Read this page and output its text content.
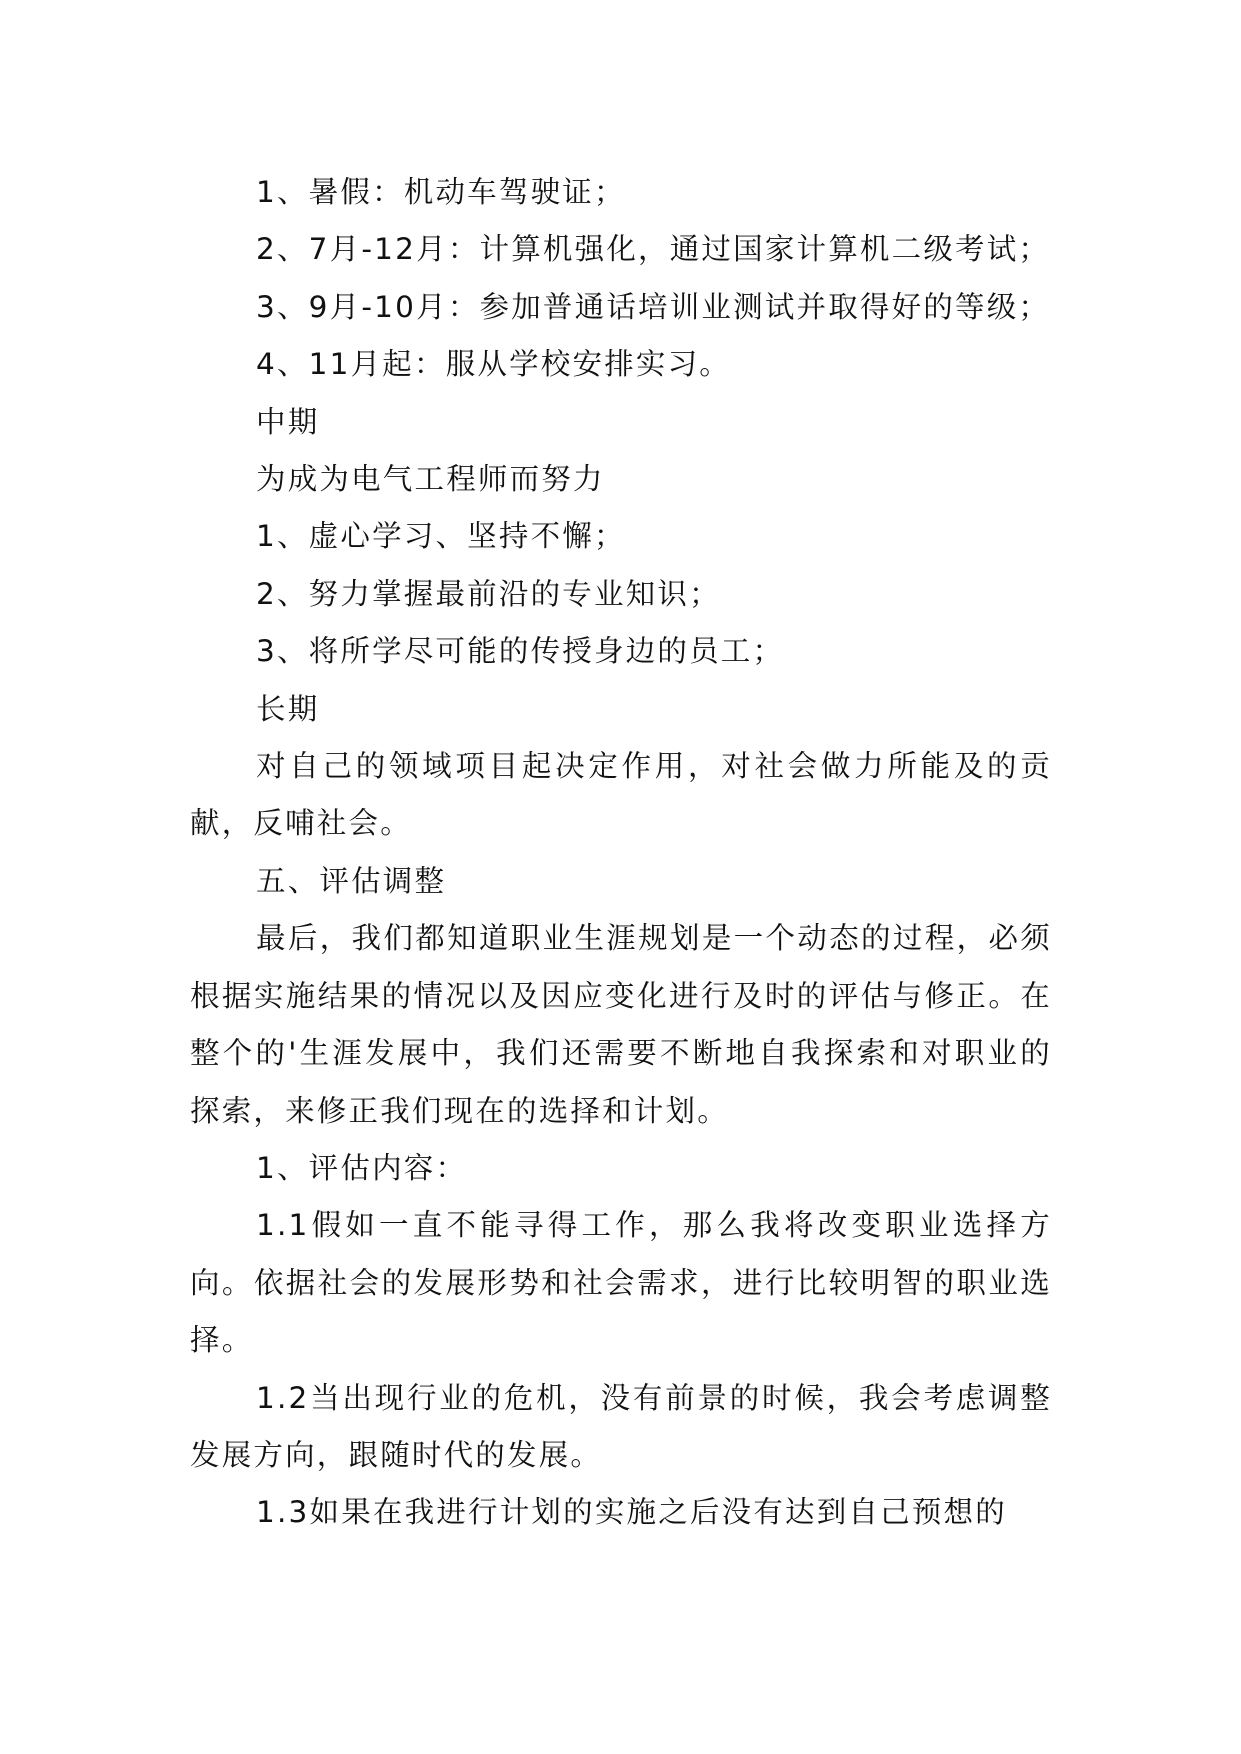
1、暑假：机动车驾驶证；

2、7月-12月：计算机强化，通过国家计算机二级考试；

3、9月-10月：参加普通话培训业测试并取得好的等级；

4、11月起：服从学校安排实习。

中期

为成为电气工程师而努力

1、虚心学习、坚持不懈；

2、努力掌握最前沿的专业知识；

3、将所学尽可能的传授身边的员工；

长期

对自己的领域项目起决定作用，对社会做力所能及的贡献，反哺社会。

五、评估调整

最后，我们都知道职业生涯规划是一个动态的过程，必须根据实施结果的情况以及因应变化进行及时的评估与修正。在整个的'生涯发展中，我们还需要不断地自我探索和对职业的探索，来修正我们现在的选择和计划。

1、评估内容：

1.1假如一直不能寻得工作，那么我将改变职业选择方向。依据社会的发展形势和社会需求，进行比较明智的职业选择。

1.2当出现行业的危机，没有前景的时候，我会考虑调整发展方向，跟随时代的发展。

1.3如果在我进行计划的实施之后没有达到自己预想的
